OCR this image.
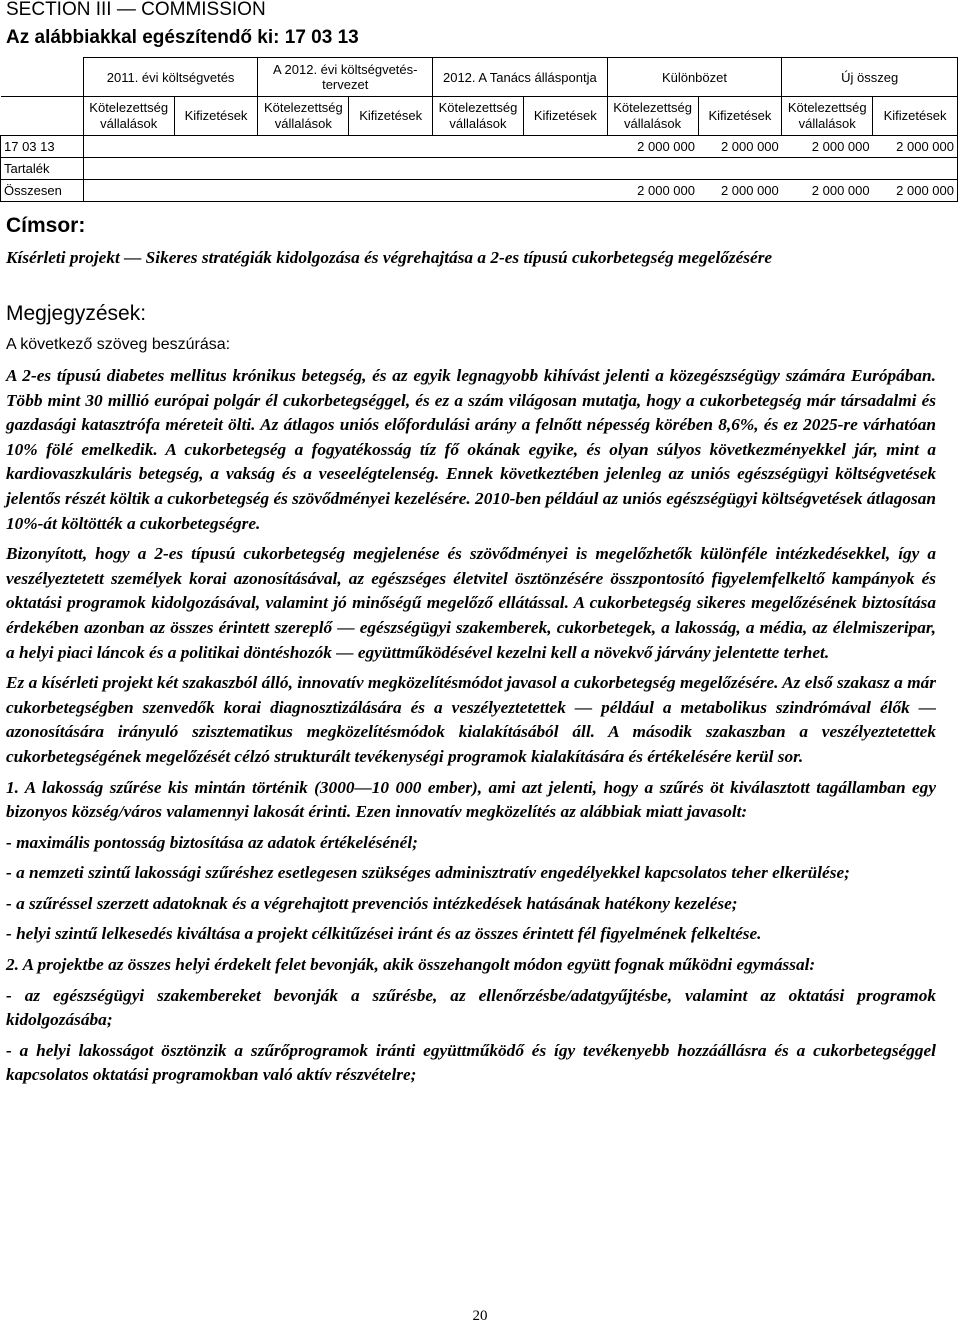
SECTION III — COMMISSION
Az alábbiakkal egészítendő ki: 17 03 13
	2011. évi költségvetés		A 2012. évi költségvetés-tervezet		2012. A Tanács álláspontja		Különbözet		Új összeg	
	Kötelezettség vállalások	Kifizetések	Kötelezettség vállalások	Kifizetések	Kötelezettség vállalások	Kifizetések	Kötelezettség vállalások	Kifizetések	Kötelezettség vállalások	Kifizetések
17 03 13							2 000 000	2 000 000	2 000 000	2 000 000
Tartalék										
Összesen							2 000 000	2 000 000	2 000 000	2 000 000
Címsor:
Kísérleti projekt — Sikeres stratégiák kidolgozása és végrehajtása a 2-es típusú cukorbetegség megelőzésére
Megjegyzések:
A következő szöveg beszúrása:

A 2-es típusú diabetes mellitus krónikus betegség, és az egyik legnagyobb kihívást jelenti a közegészségügy számára Európában. Több mint 30 millió európai polgár él cukorbetegséggel, és ez a szám világosan mutatja, hogy a cukorbetegség már társadalmi és gazdasági katasztrófa méreteit ölti. Az átlagos uniós előfordulási arány a felnőtt népesség körében 8,6%, és ez 2025-re várhatóan 10% fölé emelkedik. A cukorbetegség a fogyatékosság tíz fő okának egyike, és olyan súlyos következményekkel jár, mint a kardiovaszkuláris betegség, a vakság és a veseelégtelenség. Ennek következtében jelenleg az uniós egészségügyi költségvetések jelentős részét költik a cukorbetegség és szövődményei kezelésére. 2010-ben például az uniós egészségügyi költségvetések átlagosan 10%-át költötték a cukorbetegségre.

Bizonyított, hogy a 2-es típusú cukorbetegség megjelenése és szövődményei is megelőzhetők különféle intézkedésekkel, így a veszélyeztetett személyek korai azonosításával, az egészséges életvitel ösztönzésére összpontosító figyelemfelkeltő kampányok és oktatási programok kidolgozásával, valamint jó minőségű megelőző ellátással. A cukorbetegség sikeres megelőzésének biztosítása érdekében azonban az összes érintett szereplő — egészségügyi szakemberek, cukorbetegek, a lakosság, a média, az élelmiszeripar, a helyi piaci láncok és a politikai döntéshozók — együttműködésével kezelni kell a növekvő járvány jelentette terhet.

Ez a kísérleti projekt két szakaszból álló, innovatív megközelítésmódot javasol a cukorbetegség megelőzésére. Az első szakasz a már cukorbetegségben szenvedők korai diagnosztizálására és a veszélyeztetettek — például a metabolikus szindrómával élők — azonosítására irányuló szisztematikus megközelítésmódok kialakításából áll. A második szakaszban a veszélyeztetettek cukorbetegségének megelőzését célzó strukturált tevékenységi programok kialakítására és értékelésére kerül sor.

1. A lakosság szűrése kis mintán történik (3000—10 000 ember), ami azt jelenti, hogy a szűrés öt kiválasztott tagállamban egy bizonyos község/város valamennyi lakosát érinti. Ezen innovatív megközelítés az alábbiak miatt javasolt:

- maximális pontosság biztosítása az adatok értékelésénél;

- a nemzeti szintű lakossági szűréshez esetlegesen szükséges adminisztratív engedélyekkel kapcsolatos teher elkerülése;

- a szűréssel szerzett adatoknak és a végrehajtott prevenciós intézkedések hatásának hatékony kezelése;

- helyi szintű lelkesedés kiváltása a projekt célkitűzései iránt és az összes érintett fél figyelmének felkeltése.

2. A projektbe az összes helyi érdekelt felet bevonják, akik összehangolt módon együtt fognak működni egymással:

- az egészségügyi szakembereket bevonják a szűrésbe, az ellenőrzésbe/adatgyűjtésbe, valamint az oktatási programok kidolgozásába;

- a helyi lakosságot ösztönzik a szűrőprogramok iránti együttműködő és így tevékenyebb hozzáállásra és a cukorbetegséggel kapcsolatos oktatási programokban való aktív részvételre;

20
